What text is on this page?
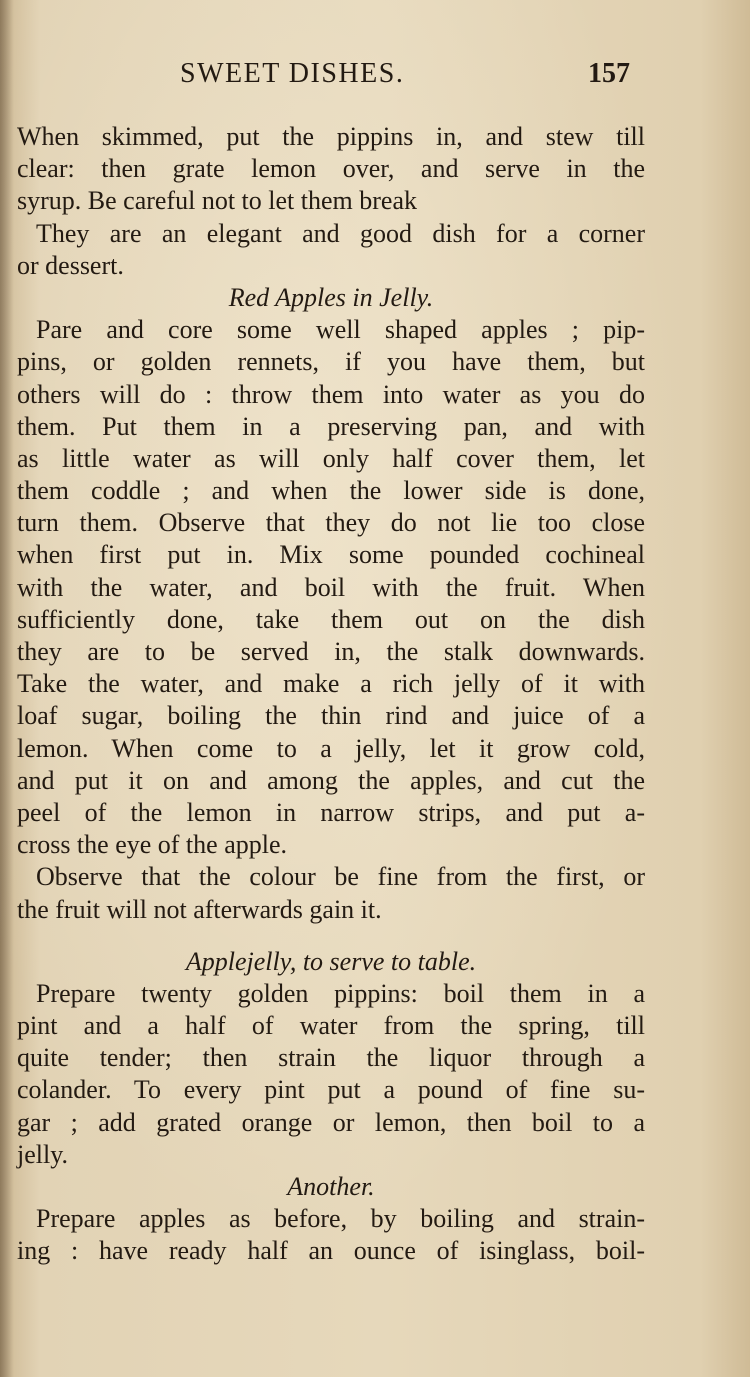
SWEET DISHES.	157
When skimmed, put the pippins in, and stew till
clear: then grate lemon over, and serve in the
syrup. Be careful not to let them break
They are an elegant and good dish for a corner
or dessert.
Red Apples in Jelly.
Pare and core some well shaped apples ; pip-
pins, or golden rennets, if you have them, but
others will do : throw them into water as you do
them. Put them in a preserving pan, and with
as little water as will only half cover them, let
them coddle ; and when the lower side is done,
turn them. Observe that they do not lie too close
when first put in. Mix some pounded cochineal
with the water, and boil with the fruit. When
sufficiently done, take them out on the dish
they are to be served in, the stalk downwards.
Take the water, and make a rich jelly of it with
loaf sugar, boiling the thin rind and juice of a
lemon. When come to a jelly, let it grow cold,
and put it on and among the apples, and cut the
peel of the lemon in narrow strips, and put a-
cross the eye of the apple.
Observe that the colour be fine from the first, or
the fruit will not afterwards gain it.
Applejelly, to serve to table.
Prepare twenty golden pippins: boil them in a
pint and a half of water from the spring, till
quite tender; then strain the liquor through a
colander. To every pint put a pound of fine su-
gar ; add grated orange or lemon, then boil to a
jelly.
Another.
Prepare apples as before, by boiling and strain-
ing : have ready half an ounce of isinglass, boil-
